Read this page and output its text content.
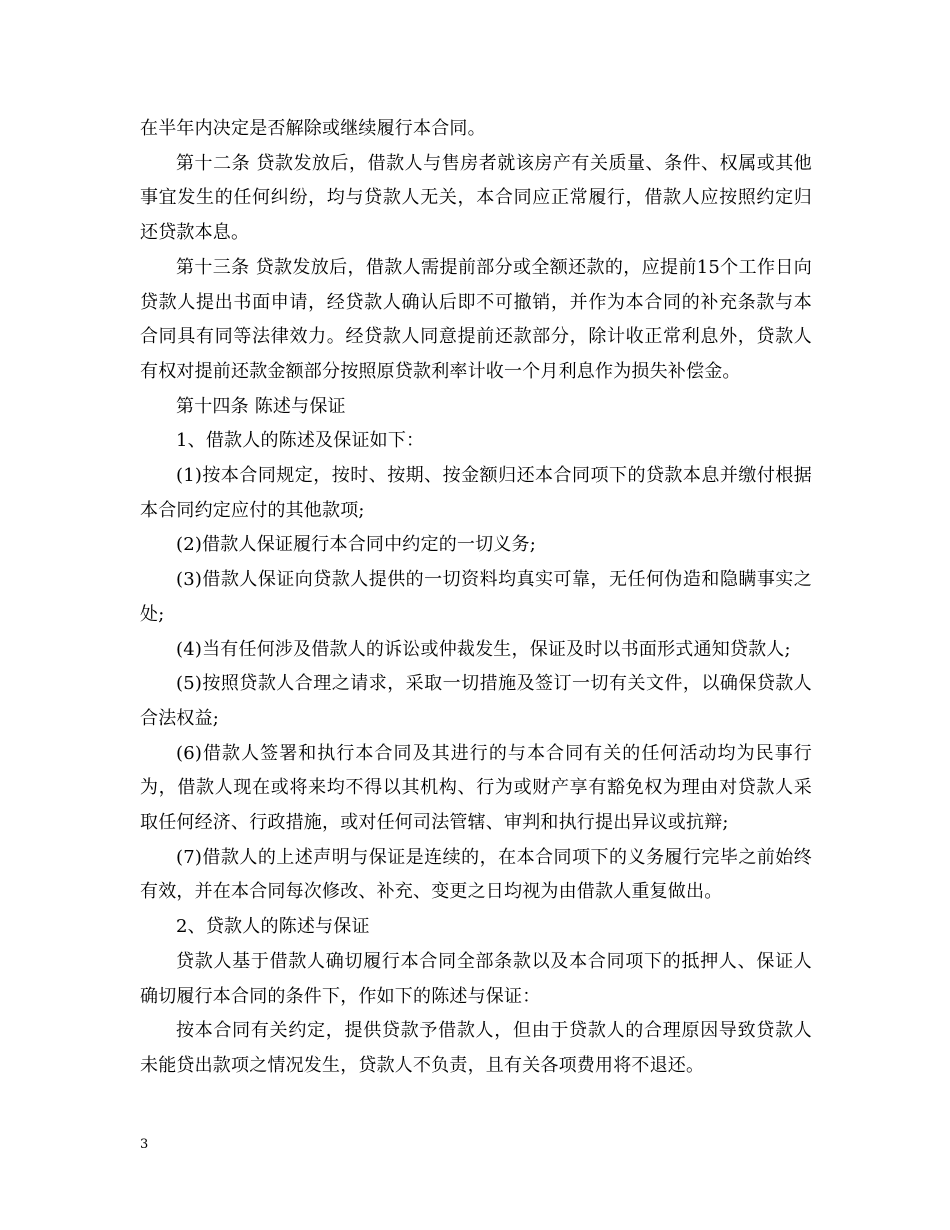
在半年内决定是否解除或继续履行本合同。

第十二条 贷款发放后，借款人与售房者就该房产有关质量、条件、权属或其他事宜发生的任何纠纷，均与贷款人无关，本合同应正常履行，借款人应按照约定归还贷款本息。

第十三条 贷款发放后，借款人需提前部分或全额还款的，应提前15个工作日向贷款人提出书面申请，经贷款人确认后即不可撤销，并作为本合同的补充条款与本合同具有同等法律效力。经贷款人同意提前还款部分，除计收正常利息外，贷款人有权对提前还款金额部分按照原贷款利率计收一个月利息作为损失补偿金。

第十四条 陈述与保证

1、借款人的陈述及保证如下：

(1)按本合同规定，按时、按期、按金额归还本合同项下的贷款本息并缴付根据本合同约定应付的其他款项;

(2)借款人保证履行本合同中约定的一切义务;

(3)借款人保证向贷款人提供的一切资料均真实可靠，无任何伪造和隐瞒事实之处;

(4)当有任何涉及借款人的诉讼或仲裁发生，保证及时以书面形式通知贷款人;

(5)按照贷款人合理之请求，采取一切措施及签订一切有关文件，以确保贷款人合法权益;

(6)借款人签署和执行本合同及其进行的与本合同有关的任何活动均为民事行为，借款人现在或将来均不得以其机构、行为或财产享有豁免权为理由对贷款人采取任何经济、行政措施，或对任何司法管辖、审判和执行提出异议或抗辩;

(7)借款人的上述声明与保证是连续的，在本合同项下的义务履行完毕之前始终有效，并在本合同每次修改、补充、变更之日均视为由借款人重复做出。

2、贷款人的陈述与保证

贷款人基于借款人确切履行本合同全部条款以及本合同项下的抵押人、保证人确切履行本合同的条件下，作如下的陈述与保证：

按本合同有关约定，提供贷款予借款人，但由于贷款人的合理原因导致贷款人未能贷出款项之情况发生，贷款人不负责，且有关各项费用将不退还。

3
